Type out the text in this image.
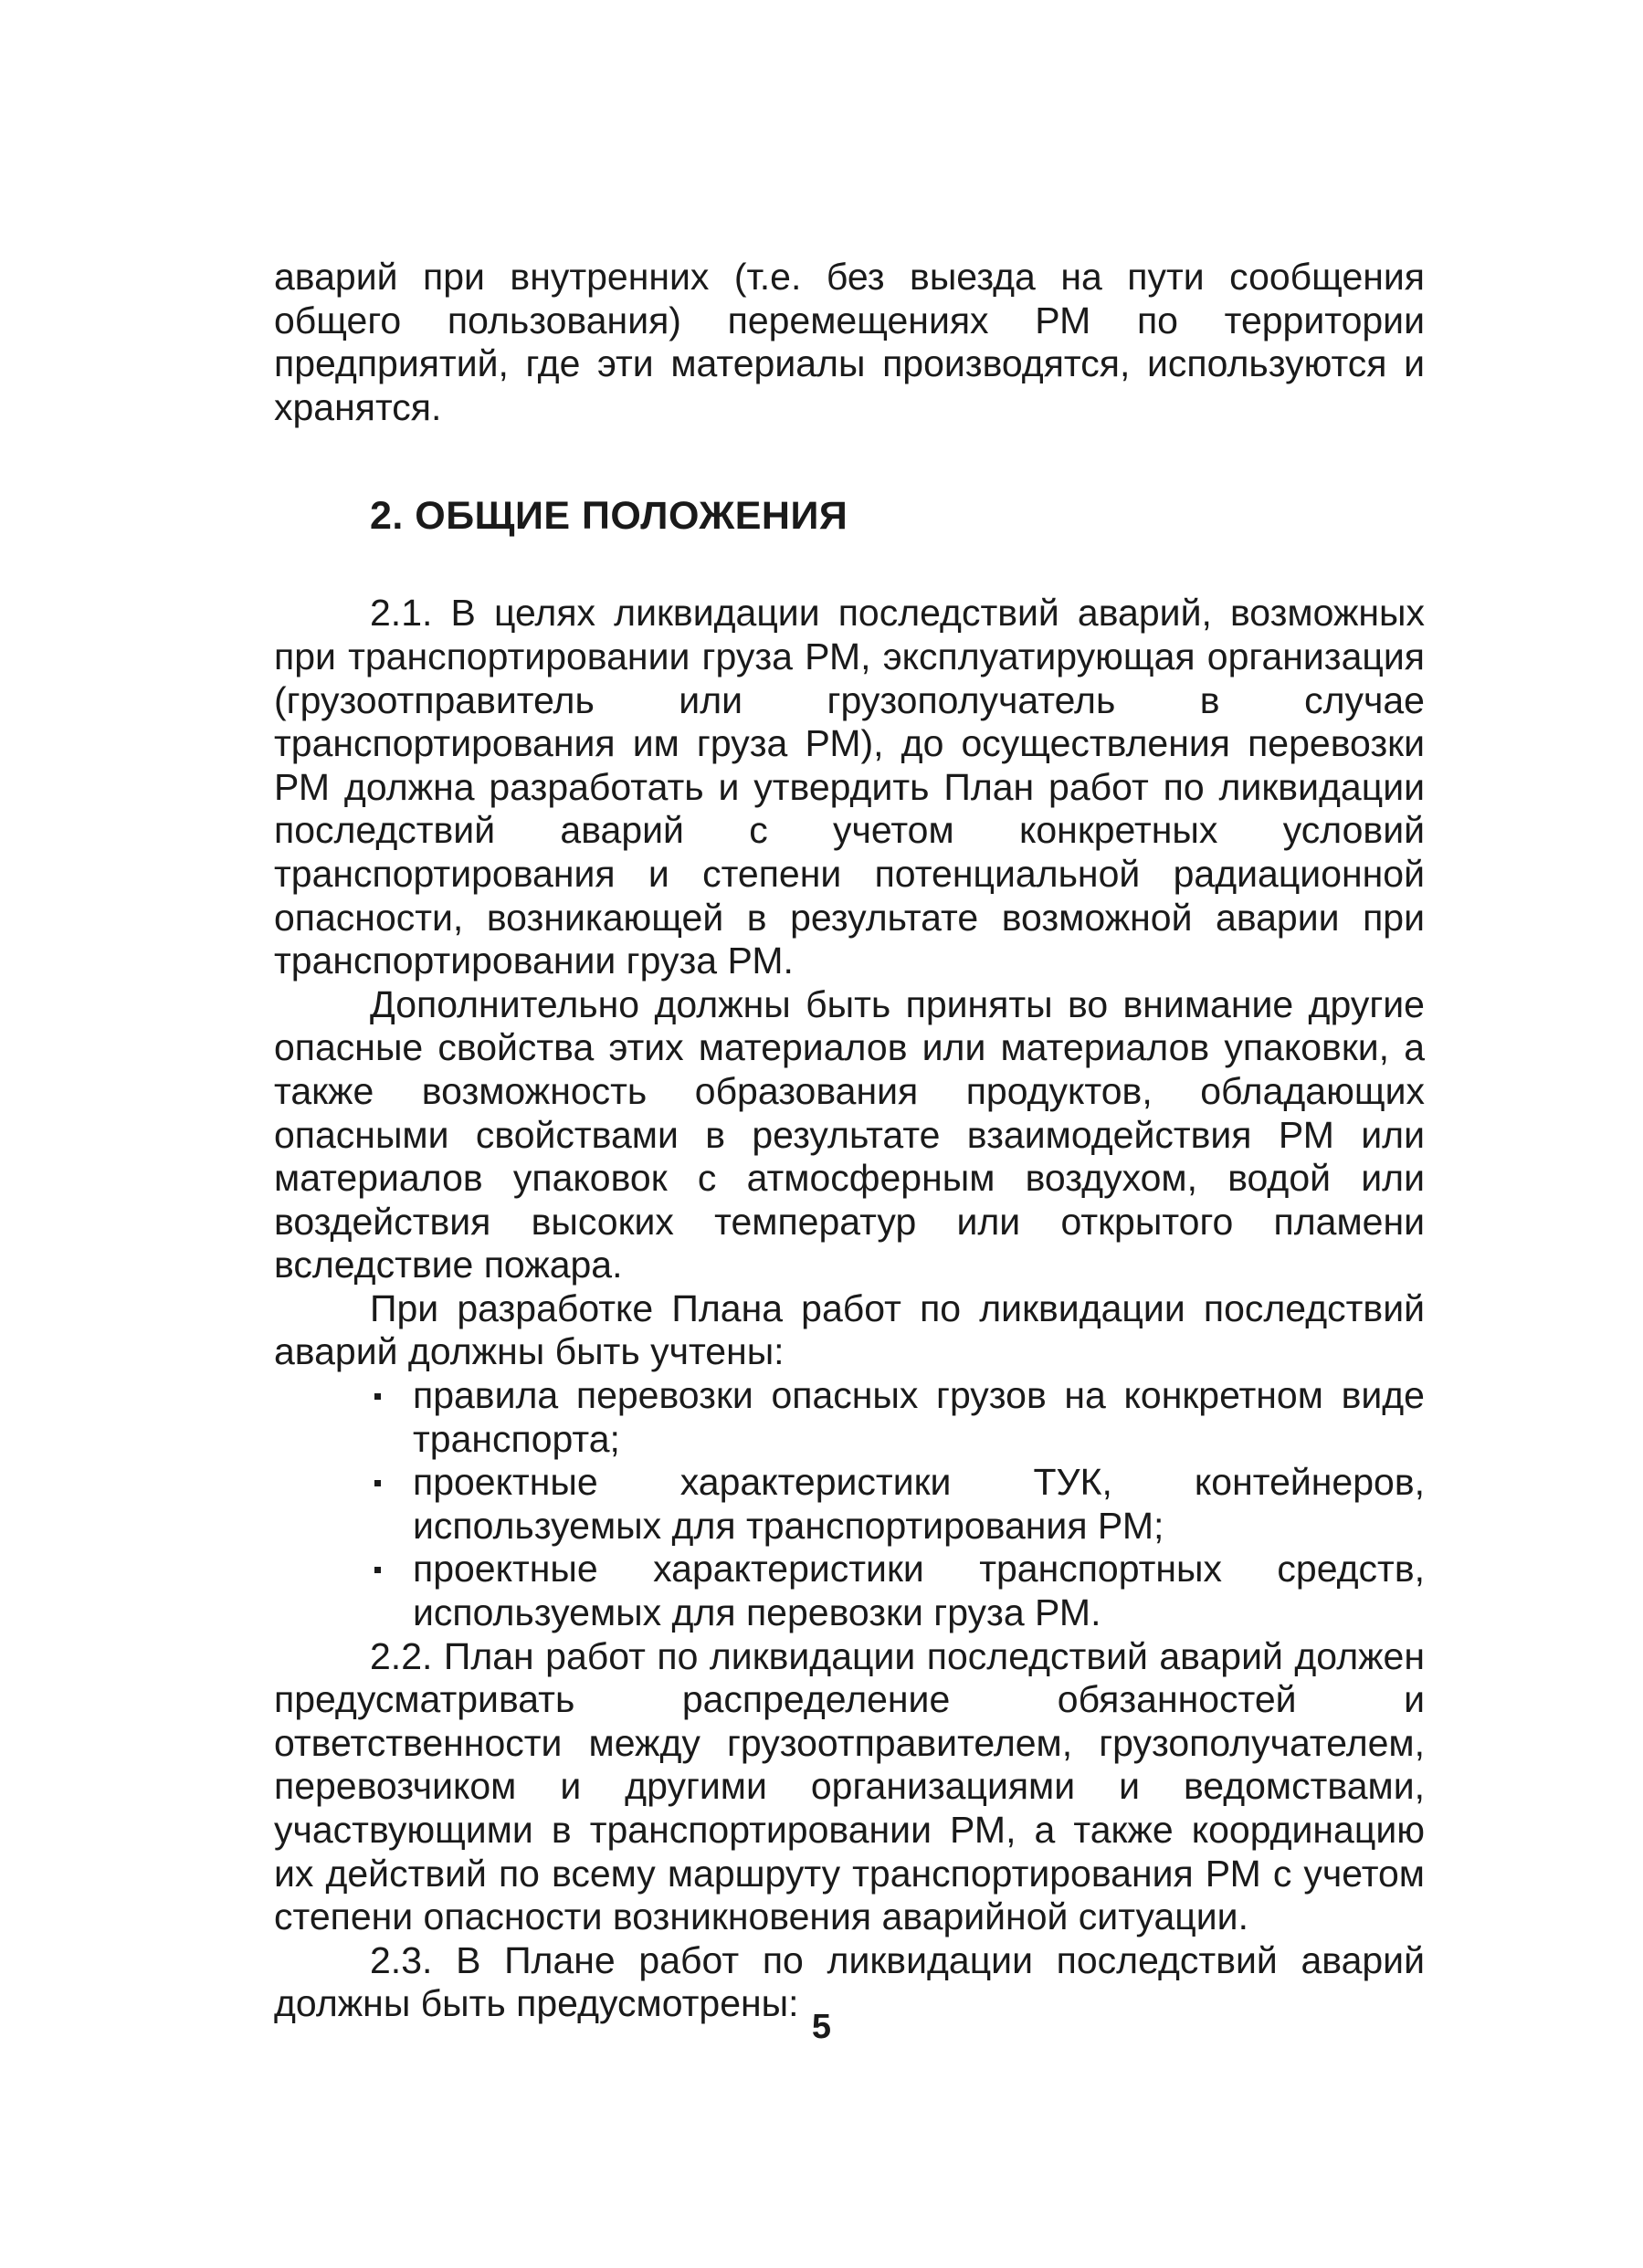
аварий при внутренних (т.е. без выезда на пути сообщения общего пользования) перемещениях РМ по территории предприятий, где эти материалы производятся, используются и хранятся.

2. ОБЩИЕ ПОЛОЖЕНИЯ

2.1. В целях ликвидации последствий аварий, возможных при транспортировании груза РМ, эксплуатирующая организация (грузоотправитель или грузополучатель в случае транспортирования им груза РМ), до осуществления перевозки РМ должна разработать и утвердить План работ по ликвидации последствий аварий с учетом конкретных условий транспортирования и степени потенциальной радиационной опасности, возникающей в результате возможной аварии при транспортировании груза РМ.

Дополнительно должны быть приняты во внимание другие опасные свойства этих материалов или материалов упаковки, а также возможность образования продуктов, обладающих опасными свойствами в результате взаимодействия РМ или материалов упаковок с атмосферным воздухом, водой или воздействия высоких температур или открытого пламени вследствие пожара.

При разработке Плана работ по ликвидации последствий аварий должны быть учтены:

правила перевозки опасных грузов на конкретном виде транспорта;
проектные характеристики ТУК, контейнеров, используемых для транспортирования РМ;
проектные характеристики транспортных средств, используемых для перевозки груза РМ.

2.2. План работ по ликвидации последствий аварий должен предусматривать распределение обязанностей и ответственности между грузоотправителем, грузополучателем, перевозчиком и другими организациями и ведомствами, участвующими в транспортировании РМ, а также координацию их действий по всему маршруту транспортирования РМ с учетом степени опасности возникновения аварийной ситуации.

2.3. В Плане работ по ликвидации последствий аварий должны быть предусмотрены:

5
